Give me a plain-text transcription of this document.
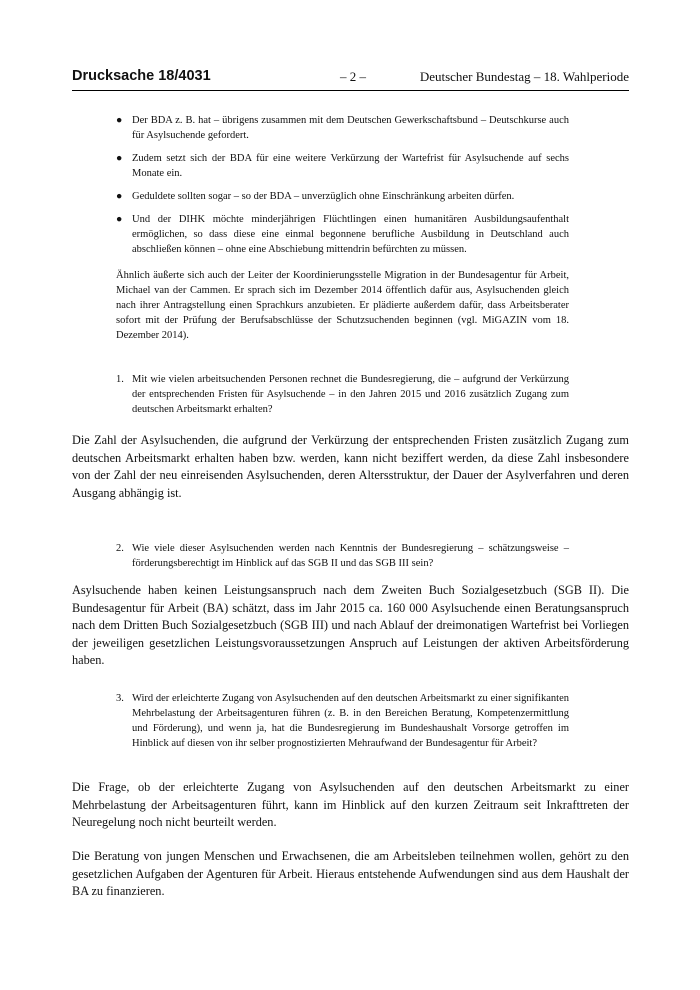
Drucksache 18/4031	– 2 –	Deutscher Bundestag – 18. Wahlperiode
● Der BDA z. B. hat – übrigens zusammen mit dem Deutschen Gewerkschaftsbund – Deutschkurse auch für Asylsuchende gefordert.
● Zudem setzt sich der BDA für eine weitere Verkürzung der Wartefrist für Asylsuchende auf sechs Monate ein.
● Geduldete sollten sogar – so der BDA – unverzüglich ohne Einschränkung arbeiten dürfen.
● Und der DIHK möchte minderjährigen Flüchtlingen einen humanitären Ausbildungsaufenthalt ermöglichen, so dass diese eine einmal begonnene berufliche Ausbildung in Deutschland auch abschließen können – ohne eine Abschiebung mittendrin befürchten zu müssen.

Ähnlich äußerte sich auch der Leiter der Koordinierungsstelle Migration in der Bundesagentur für Arbeit, Michael van der Cammen. Er sprach sich im Dezember 2014 öffentlich dafür aus, Asylsuchenden gleich nach ihrer Antragstellung einen Sprachkurs anzubieten. Er plädierte außerdem dafür, dass Arbeitsberater sofort mit der Prüfung der Berufsabschlüsse der Schutzsuchenden beginnen (vgl. MiGAZIN vom 18. Dezember 2014).

1. Mit wie vielen arbeitsuchenden Personen rechnet die Bundesregierung, die – aufgrund der Verkürzung der entsprechenden Fristen für Asylsuchende – in den Jahren 2015 und 2016 zusätzlich Zugang zum deutschen Arbeitsmarkt erhalten?

Die Zahl der Asylsuchenden, die aufgrund der Verkürzung der entsprechenden Fristen zusätzlich Zugang zum deutschen Arbeitsmarkt erhalten haben bzw. werden, kann nicht beziffert werden, da diese Zahl insbesondere von der Zahl der neu einreisenden Asylsuchenden, deren Altersstruktur, der Dauer der Asylverfahren und deren Ausgang abhängig ist.

2. Wie viele dieser Asylsuchenden werden nach Kenntnis der Bundesregierung – schätzungsweise – förderungsberechtigt im Hinblick auf das SGB II und das SGB III sein?

Asylsuchende haben keinen Leistungsanspruch nach dem Zweiten Buch Sozialgesetzbuch (SGB II). Die Bundesagentur für Arbeit (BA) schätzt, dass im Jahr 2015 ca. 160 000 Asylsuchende einen Beratungsanspruch nach dem Dritten Buch Sozialgesetzbuch (SGB III) und nach Ablauf der dreimonatigen Wartefrist bei Vorliegen der jeweiligen gesetzlichen Leistungsvoraussetzungen Anspruch auf Leistungen der aktiven Arbeitsförderung haben.

3. Wird der erleichterte Zugang von Asylsuchenden auf den deutschen Arbeitsmarkt zu einer signifikanten Mehrbelastung der Arbeitsagenturen führen (z. B. in den Bereichen Beratung, Kompetenzermittlung und Förderung), und wenn ja, hat die Bundesregierung im Bundeshaushalt Vorsorge getroffen im Hinblick auf diesen von ihr selber prognostizierten Mehraufwand der Bundesagentur für Arbeit?

Die Frage, ob der erleichterte Zugang von Asylsuchenden auf den deutschen Arbeitsmarkt zu einer Mehrbelastung der Arbeitsagenturen führt, kann im Hinblick auf den kurzen Zeitraum seit Inkrafttreten der Neuregelung noch nicht beurteilt werden.

Die Beratung von jungen Menschen und Erwachsenen, die am Arbeitsleben teilnehmen wollen, gehört zu den gesetzlichen Aufgaben der Agenturen für Arbeit. Hieraus entstehende Aufwendungen sind aus dem Haushalt der BA zu finanzieren.
